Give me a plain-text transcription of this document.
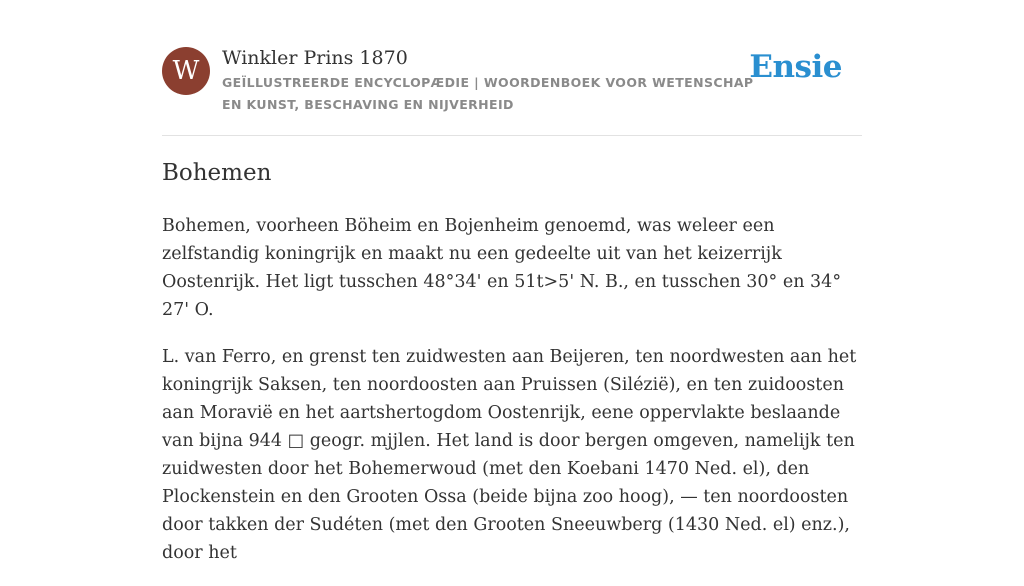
W	Winkler Prins 1870
GEÏLLUSTREERDE ENCYCLOPÆDIE | WOORDENBOEK VOOR WETENSCHAP EN KUNST, BESCHAVING EN NIJVERHEID
Ensie
Bohemen

Bohemen, voorheen Böheim en Bojenheim genoemd, was weleer een zelfstandig koningrijk en maakt nu een gedeelte uit van het keizerrijk Oostenrijk. Het ligt tusschen 48°34' en 51t>5' N. B., en tusschen 30° en 34° 27' O.

L. van Ferro, en grenst ten zuidwesten aan Beijeren, ten noordwesten aan het koningrijk Saksen, ten noordoosten aan Pruissen (Silézië), en ten zuidoosten aan Moravië en het aartshertogdom Oostenrijk, eene oppervlakte beslaande van bijna 944 □ geogr. mjjlen. Het land is door bergen omgeven, namelijk ten zuidwesten door het Bohemerwoud (met den Koebani 1470 Ned. el), den Plockenstein en den Grooten Ossa (beide bijna zoo hoog), — ten noordoosten door takken der Sudéten (met den Grooten Sneeuwberg (1430 Ned. el) enz.), door het
